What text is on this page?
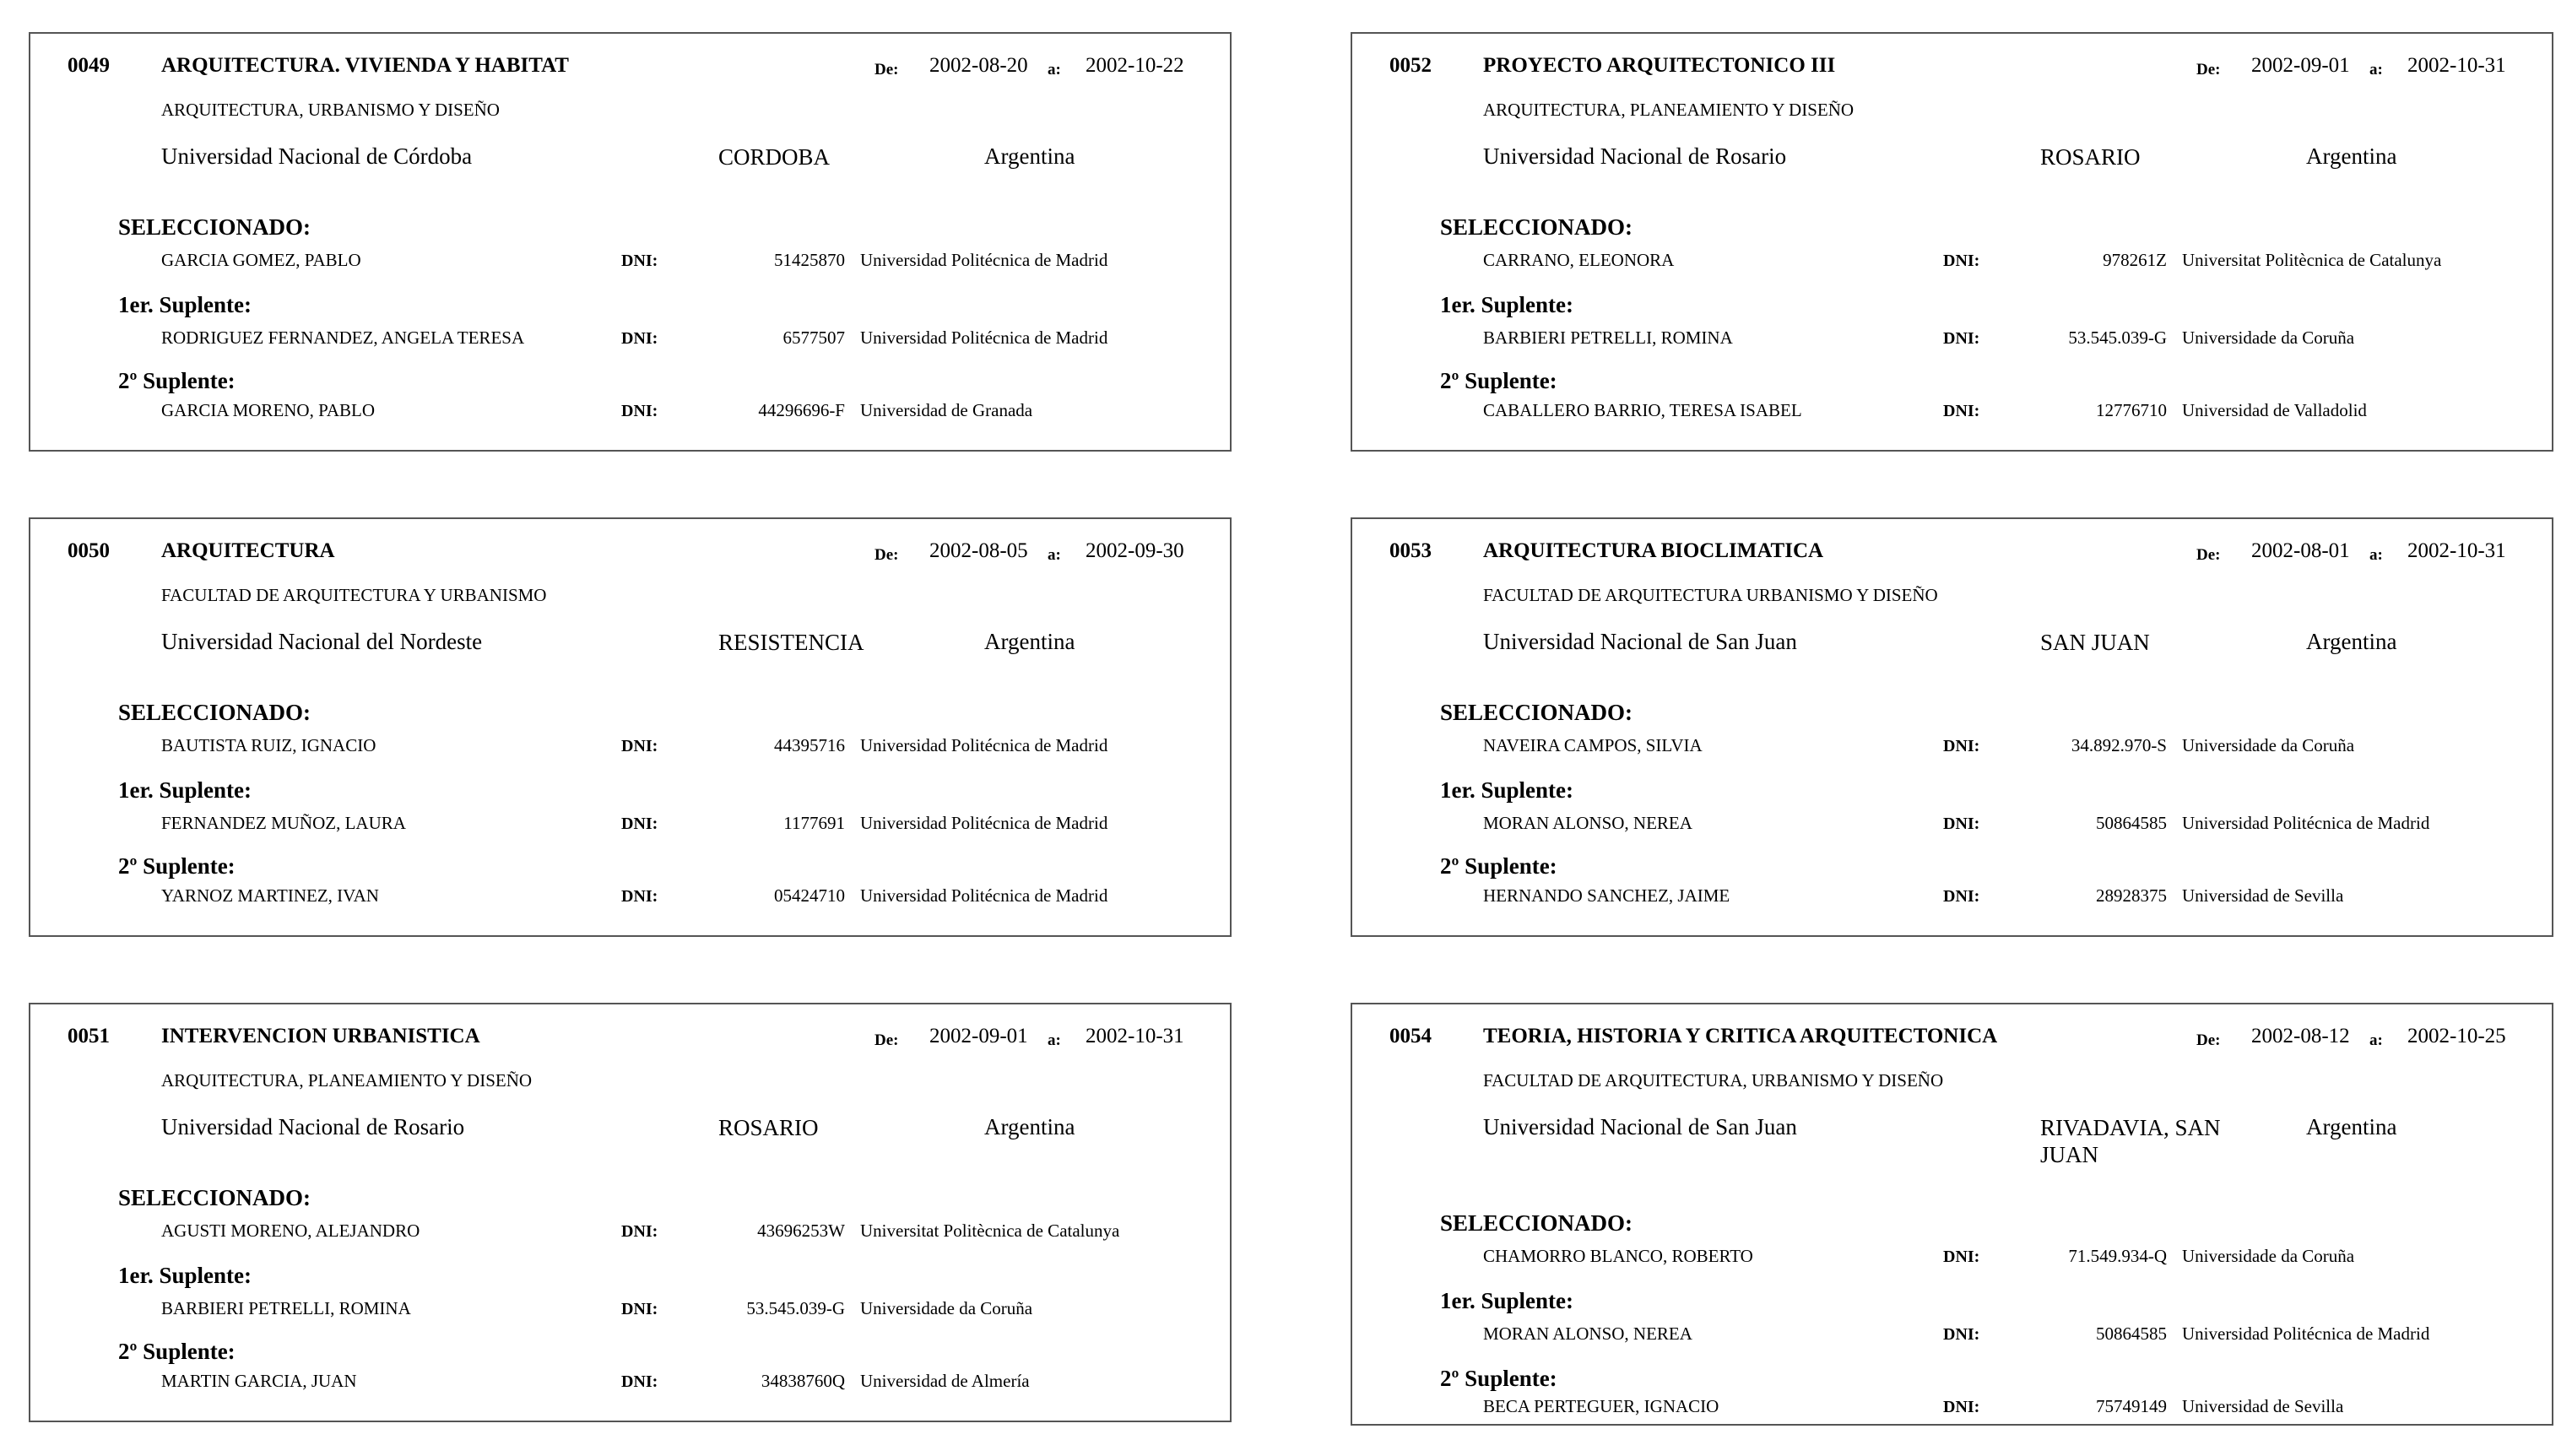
0049 ARQUITECTURA. VIVIENDA Y HABITAT	De: 2002-08-20 a: 2002-10-22
ARQUITECTURA, URBANISMO Y DISEÑO
Universidad Nacional de Córdoba	CORDOBA	Argentina
SELECCIONADO:
GARCIA GOMEZ, PABLO	DNI:	51425870 Universidad Politécnica de Madrid
1er. Suplente:
RODRIGUEZ FERNANDEZ, ANGELA TERESA	DNI:	6577507 Universidad Politécnica de Madrid
2º Suplente:
GARCIA MORENO, PABLO	DNI:	44296696-F Universidad de Granada
0050 ARQUITECTURA	De: 2002-08-05 a: 2002-09-30
FACULTAD DE ARQUITECTURA Y URBANISMO
Universidad Nacional del Nordeste	RESISTENCIA	Argentina
SELECCIONADO:
BAUTISTA RUIZ, IGNACIO	DNI:	44395716 Universidad Politécnica de Madrid
1er. Suplente:
FERNANDEZ MUÑOZ, LAURA	DNI:	1177691 Universidad Politécnica de Madrid
2º Suplente:
YARNOZ MARTINEZ, IVAN	DNI:	05424710 Universidad Politécnica de Madrid
0051 INTERVENCION URBANISTICA	De: 2002-09-01 a: 2002-10-31
ARQUITECTURA, PLANEAMIENTO Y DISEÑO
Universidad Nacional de Rosario	ROSARIO	Argentina
SELECCIONADO:
AGUSTI MORENO, ALEJANDRO	DNI:	43696253W Universitat Politècnica de Catalunya
1er. Suplente:
BARBIERI PETRELLI, ROMINA	DNI:	53.545.039-G Universidade da Coruña
2º Suplente:
MARTIN GARCIA, JUAN	DNI:	34838760Q Universidad de Almería
0052 PROYECTO ARQUITECTONICO III	De: 2002-09-01 a: 2002-10-31
ARQUITECTURA, PLANEAMIENTO Y DISEÑO
Universidad Nacional de Rosario	ROSARIO	Argentina
SELECCIONADO:
CARRANO, ELEONORA	DNI:	978261Z Universitat Politècnica de Catalunya
1er. Suplente:
BARBIERI PETRELLI, ROMINA	DNI:	53.545.039-G Universidade da Coruña
2º Suplente:
CABALLERO BARRIO, TERESA ISABEL	DNI:	12776710 Universidad de Valladolid
0053 ARQUITECTURA BIOCLIMATICA	De: 2002-08-01 a: 2002-10-31
FACULTAD DE ARQUITECTURA URBANISMO Y DISEÑO
Universidad Nacional de San Juan	SAN JUAN	Argentina
SELECCIONADO:
NAVEIRA CAMPOS, SILVIA	DNI:	34.892.970-S Universidade da Coruña
1er. Suplente:
MORAN ALONSO, NEREA	DNI:	50864585 Universidad Politécnica de Madrid
2º Suplente:
HERNANDO SANCHEZ, JAIME	DNI:	28928375 Universidad de Sevilla
0054 TEORIA, HISTORIA Y CRITICA ARQUITECTONICA	De: 2002-08-12 a: 2002-10-25
FACULTAD DE ARQUITECTURA, URBANISMO Y DISEÑO
Universidad Nacional de San Juan	RIVADAVIA, SAN JUAN
Argentina
SELECCIONADO:
CHAMORRO BLANCO, ROBERTO	DNI:	71.549.934-Q Universidade da Coruña
1er. Suplente:
MORAN ALONSO, NEREA	DNI:	50864585 Universidad Politécnica de Madrid
2º Suplente:
BECA PERTEGUER, IGNACIO	DNI:	75749149 Universidad de Sevilla
